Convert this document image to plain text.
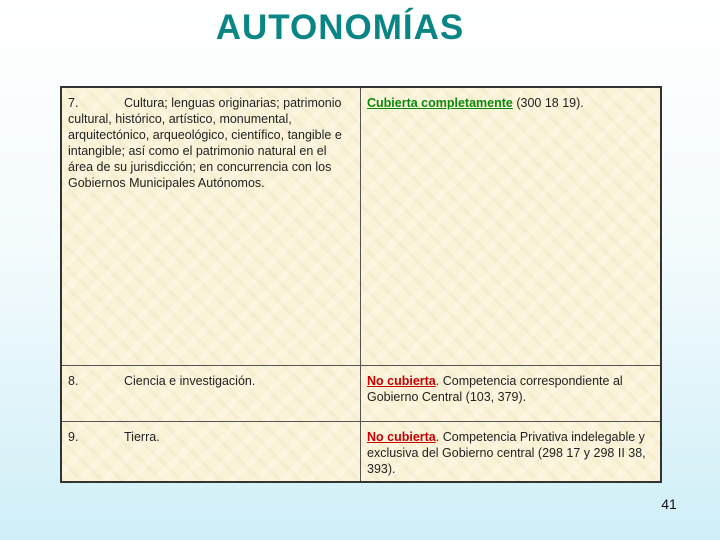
AUTONOMÍAS
7. Cultura; lenguas originarias; patrimonio cultural, histórico, artístico, monumental, arquitectónico, arqueológico, científico, tangible e intangible; así como el patrimonio natural en el área de su jurisdicción; en concurrencia con los Gobiernos Municipales Autónomos.	Cubierta completamente (300 18 19).
8. Ciencia e investigación.	No cubierta. Competencia correspondiente al Gobierno Central (103, 379).
9. Tierra.	No cubierta. Competencia Privativa indelegable y exclusiva del Gobierno central (298 17 y 298 II 38, 393).
41
